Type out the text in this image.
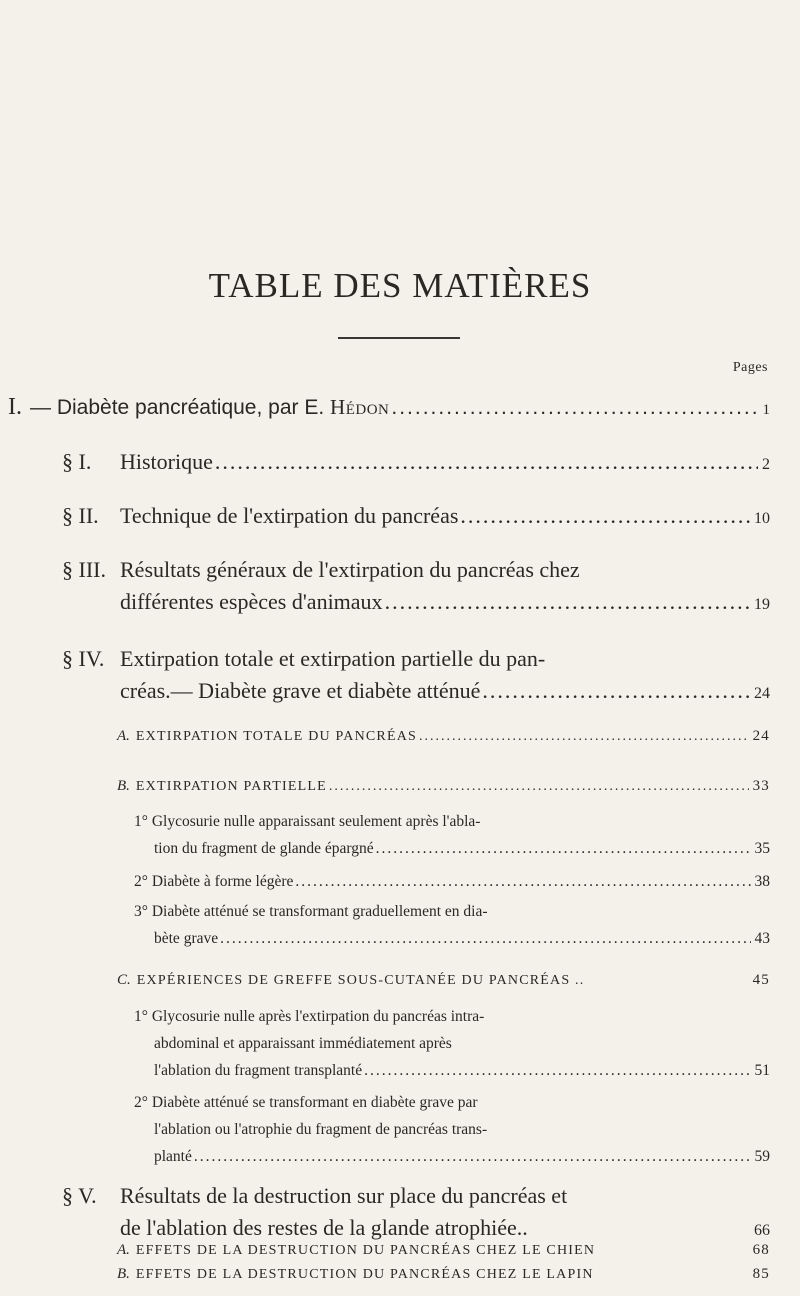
TABLE DES MATIÈRES
Pages
I. — Diabète pancréatique, par E. Hédon .....	1
§ I. Historique .....	2
§ II. Technique de l'extirpation du pancréas .....	10
§ III. Résultats généraux de l'extirpation du pancréas chez
différentes espèces d'animaux .....	19
§ IV. Extirpation totale et extirpation partielle du pan-
créas.— Diabète grave et diabète atténué .....	24
A. EXTIRPATION TOTALE DU PANCRÉAS .....	24
B. EXTIRPATION PARTIELLE .....	33
1° Glycosurie nulle apparaissant seulement après l'abla-
tion du fragment de glande épargné .....	35
2° Diabète à forme légère .....	38
3° Diabète atténué se transformant graduellement en dia-
bète grave .....	43
C. EXPÉRIENCES DE GREFFE SOUS-CUTANÉE DU PANCRÉAS ..	45
1° Glycosurie nulle après l'extirpation du pancréas intra-
abdominal et apparaissant immédiatement après
l'ablation du fragment transplanté .....	51
2° Diabète atténué se transformant en diabète grave par
l'ablation ou l'atrophie du fragment de pancréas trans-
planté .....	59
§ V. Résultats de la destruction sur place du pancréas et
de l'ablation des restes de la glande atrophiée..	66
A. EFFETS DE LA DESTRUCTION DU PANCRÉAS CHEZ LE CHIEN	68
B. EFFETS DE LA DESTRUCTION DU PANCRÉAS CHEZ LE LAPIN	85
